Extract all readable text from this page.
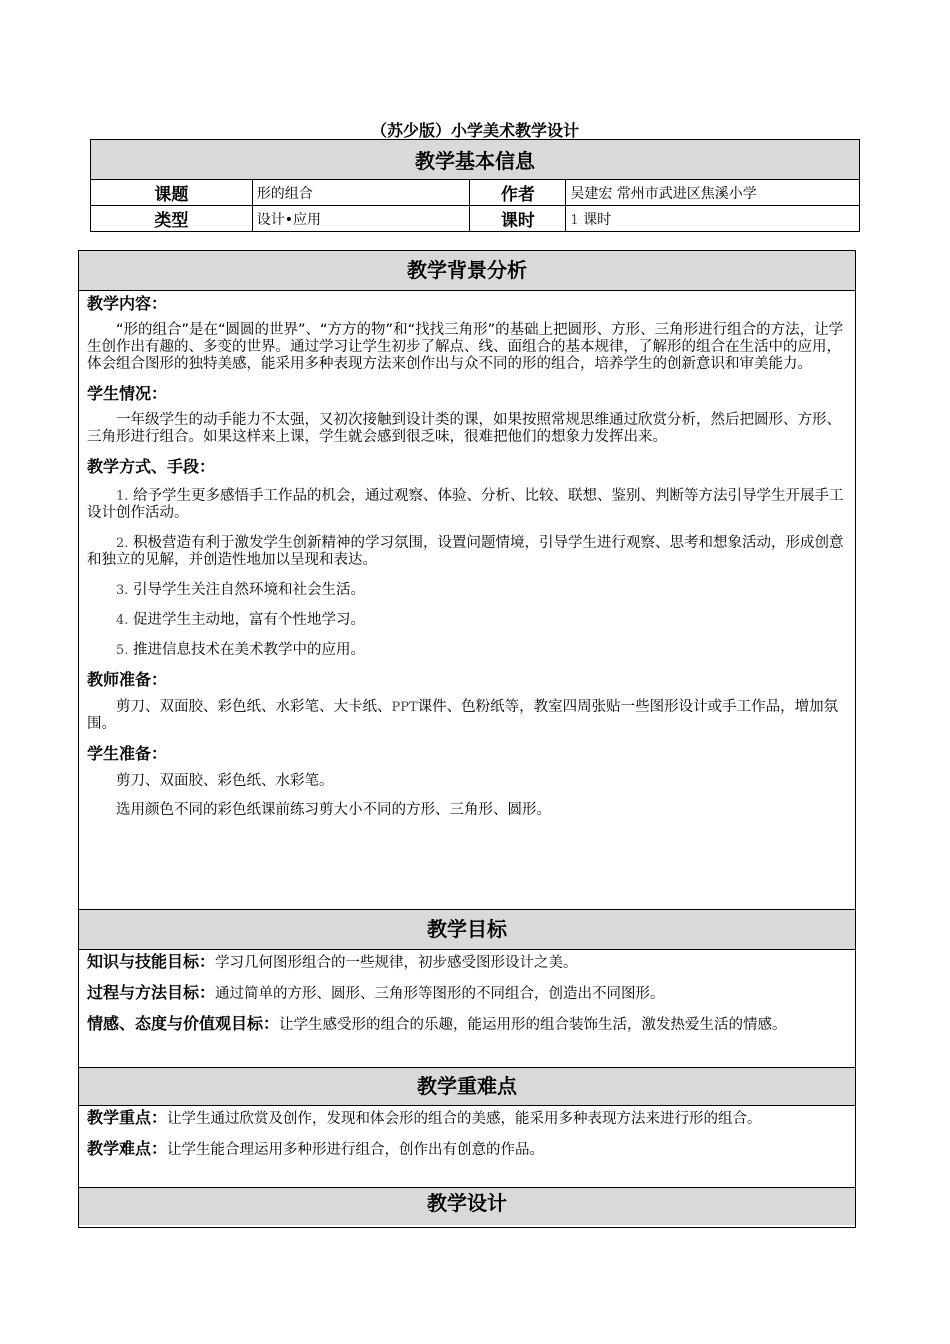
（苏少版）小学美术教学设计
教学基本信息			
课题	形的组合	作者	吴建宏 常州市武进区焦溪小学
类型	设计•应用	课时	1 课时
教学背景分析

教学内容：

“形的组合”是在“圆圆的世界”、“方方的物”和“找找三角形”的基础上把圆形、方形、三角形进行组合的方法，让学生创作出有趣的、多变的世界。通过学习让学生初步了解点、线、面组合的基本规律，了解形的组合在生活中的应用，体会组合图形的独特美感，能采用多种表现方法来创作出与众不同的形的组合，培养学生的创新意识和审美能力。

学生情况：

一年级学生的动手能力不太强，又初次接触到设计类的课，如果按照常规思维通过欣赏分析，然后把圆形、方形、三角形进行组合。如果这样来上课，学生就会感到很乏味，很难把他们的想象力发挥出来。

教学方式、手段：

1. 给予学生更多感悟手工作品的机会，通过观察、体验、分析、比较、联想、鉴别、判断等方法引导学生开展手工设计创作活动。

2. 积极营造有利于激发学生创新精神的学习氛围，设置问题情境，引导学生进行观察、思考和想象活动，形成创意和独立的见解，并创造性地加以呈现和表达。

3. 引导学生关注自然环境和社会生活。

4. 促进学生主动地，富有个性地学习。

5. 推进信息技术在美术教学中的应用。

教师准备：

剪刀、双面胶、彩色纸、水彩笔、大卡纸、PPT课件、色粉纸等，教室四周张贴一些图形设计或手工作品，增加氛围。

学生准备：

剪刀、双面胶、彩色纸、水彩笔。

选用颜色不同的彩色纸课前练习剪大小不同的方形、三角形、圆形。

教学目标

知识与技能目标：学习几何图形组合的一些规律，初步感受图形设计之美。

过程与方法目标：通过简单的方形、圆形、三角形等图形的不同组合，创造出不同图形。

情感、态度与价值观目标：让学生感受形的组合的乐趣，能运用形的组合装饰生活，激发热爱生活的情感。

教学重难点

教学重点：让学生通过欣赏及创作，发现和体会形的组合的美感，能采用多种表现方法来进行形的组合。

教学难点：让学生能合理运用多种形进行组合，创作出有创意的作品。

教学设计
